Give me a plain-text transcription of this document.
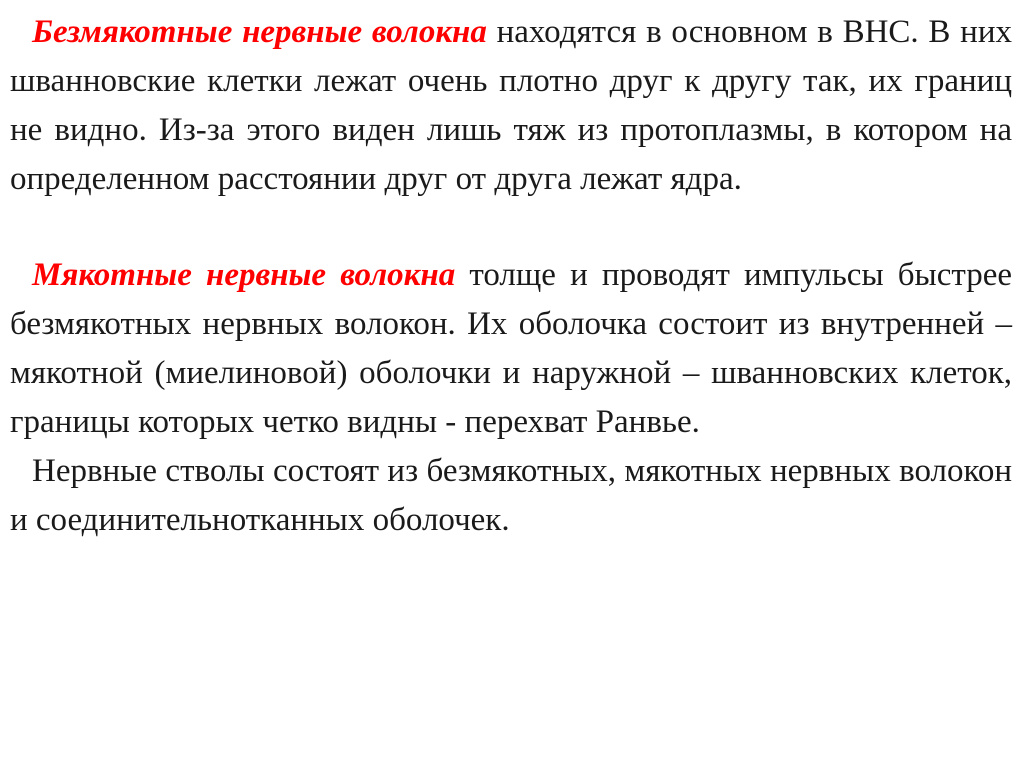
Безмякотные нервные волокна находятся в основном в ВНС. В них шванновские клетки лежат очень плотно друг к другу так, их границ не видно. Из-за этого виден лишь тяж из протоплазмы, в котором на определенном расстоянии друг от друга лежат ядра.

Мякотные нервные волокна толще и проводят импульсы быстрее безмякотных нервных волокон. Их оболочка состоит из внутренней – мякотной (миелиновой) оболочки и наружной – шванновских клеток, границы которых четко видны - перехват Ранвье.

Нервные стволы состоят из безмякотных, мякотных нервных волокон и соединительнотканных оболочек.
